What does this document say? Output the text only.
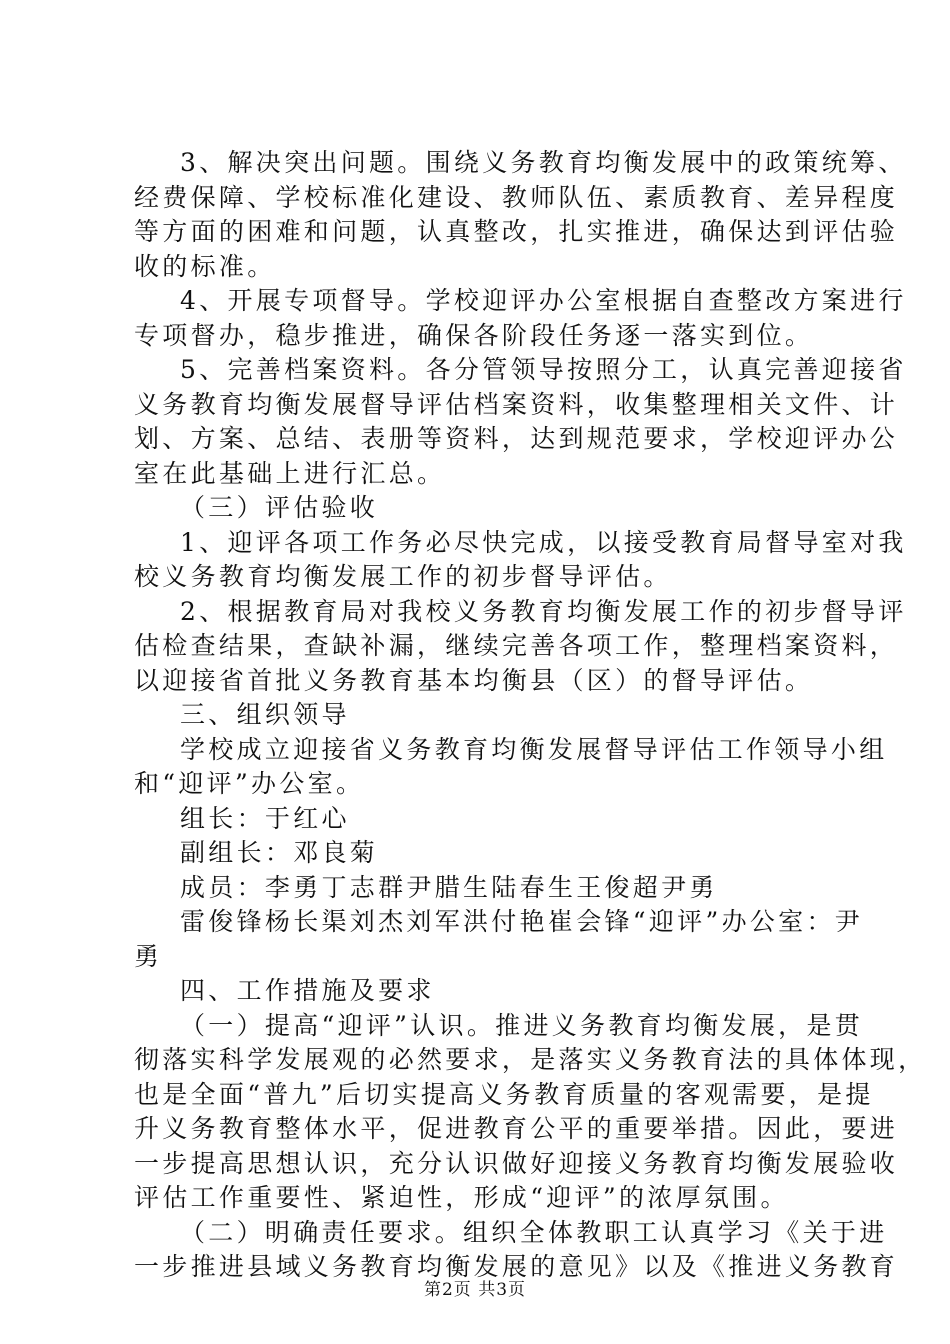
3、解决突出问题。围绕义务教育均衡发展中的政策统筹、
经费保障、学校标准化建设、教师队伍、素质教育、差异程度
等方面的困难和问题，认真整改，扎实推进，确保达到评估验
收的标准。
4、开展专项督导。学校迎评办公室根据自查整改方案进行
专项督办，稳步推进，确保各阶段任务逐一落实到位。
5、完善档案资料。各分管领导按照分工，认真完善迎接省
义务教育均衡发展督导评估档案资料，收集整理相关文件、计
划、方案、总结、表册等资料，达到规范要求，学校迎评办公
室在此基础上进行汇总。
（三）评估验收
1、迎评各项工作务必尽快完成，以接受教育局督导室对我
校义务教育均衡发展工作的初步督导评估。
2、根据教育局对我校义务教育均衡发展工作的初步督导评
估检查结果，查缺补漏，继续完善各项工作，整理档案资料，
以迎接省首批义务教育基本均衡县（区）的督导评估。
三、组织领导
学校成立迎接省义务教育均衡发展督导评估工作领导小组
和“迎评”办公室。
组长：于红心
副组长：邓良菊
成员：李勇丁志群尹腊生陆春生王俊超尹勇
雷俊锋杨长渠刘杰刘军洪付艳崔会锋“迎评”办公室：尹
勇
四、工作措施及要求
（一）提高“迎评”认识。推进义务教育均衡发展，是贯
彻落实科学发展观的必然要求，是落实义务教育法的具体体现，
也是全面“普九”后切实提高义务教育质量的客观需要，是提
升义务教育整体水平，促进教育公平的重要举措。因此，要进
一步提高思想认识，充分认识做好迎接义务教育均衡发展验收
评估工作重要性、紧迫性，形成“迎评”的浓厚氛围。
（二）明确责任要求。组织全体教职工认真学习《关于进
一步推进县域义务教育均衡发展的意见》以及《推进义务教育
第2页 共3页
